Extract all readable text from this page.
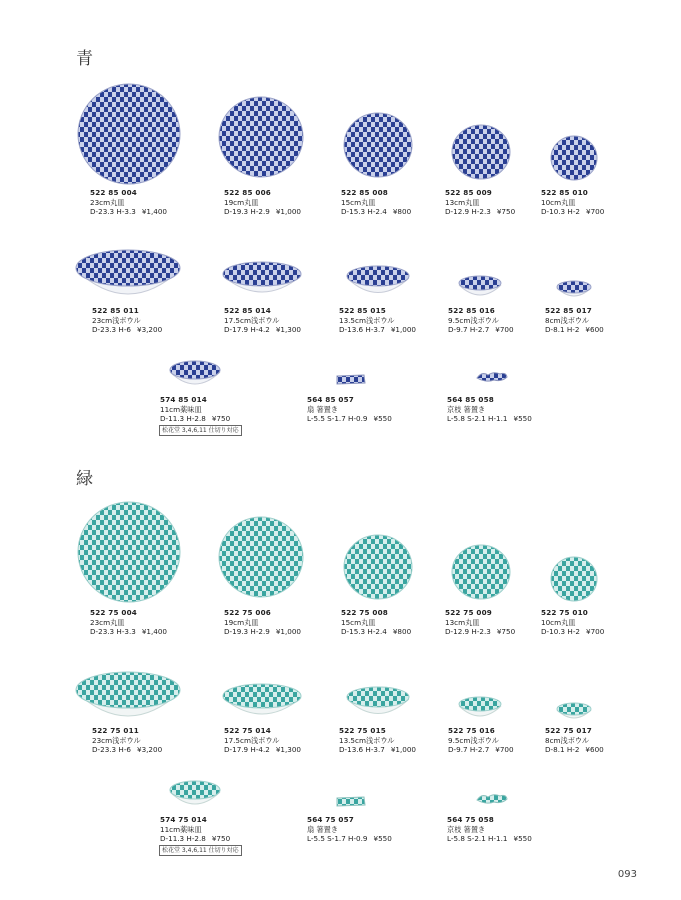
青
522 85 004
23cm丸皿
D-23.3 H-3.3 ¥1,400
522 85 006
19cm丸皿
D-19.3 H-2.9 ¥1,000
522 85 008
15cm丸皿
D-15.3 H-2.4 ¥800
522 85 009
13cm丸皿
D-12.9 H-2.3 ¥750
522 85 010
10cm丸皿
D-10.3 H-2 ¥700
522 85 011
23cm浅ボウル
D-23.3 H-6 ¥3,200
522 85 014
17.5cm浅ボウル
D-17.9 H-4.2 ¥1,300
522 85 015
13.5cm浅ボウル
D-13.6 H-3.7 ¥1,000
522 85 016
9.5cm浅ボウル
D-9.7 H-2.7 ¥700
522 85 017
8cm浅ボウル
D-8.1 H-2 ¥600
574 85 014
11cm薬味皿
D-11.3 H-2.8 ¥750
松花堂 3,4,6,11 仕切り対応
564 85 057
扇 箸置き
L-5.5 S-1.7 H-0.9 ¥550
564 85 058
京枝 箸置き
L-5.8 S-2.1 H-1.1 ¥550
緑
522 75 004
23cm丸皿
D-23.3 H-3.3 ¥1,400
522 75 006
19cm丸皿
D-19.3 H-2.9 ¥1,000
522 75 008
15cm丸皿
D-15.3 H-2.4 ¥800
522 75 009
13cm丸皿
D-12.9 H-2.3 ¥750
522 75 010
10cm丸皿
D-10.3 H-2 ¥700
522 75 011
23cm浅ボウル
D-23.3 H-6 ¥3,200
522 75 014
17.5cm浅ボウル
D-17.9 H-4.2 ¥1,300
522 75 015
13.5cm浅ボウル
D-13.6 H-3.7 ¥1,000
522 75 016
9.5cm浅ボウル
D-9.7 H-2.7 ¥700
522 75 017
8cm浅ボウル
D-8.1 H-2 ¥600
574 75 014
11cm薬味皿
D-11.3 H-2.8 ¥750
松花堂 3,4,6,11 仕切り対応
564 75 057
扇 箸置き
L-5.5 S-1.7 H-0.9 ¥550
564 75 058
京枝 箸置き
L-5.8 S-2.1 H-1.1 ¥550
093
